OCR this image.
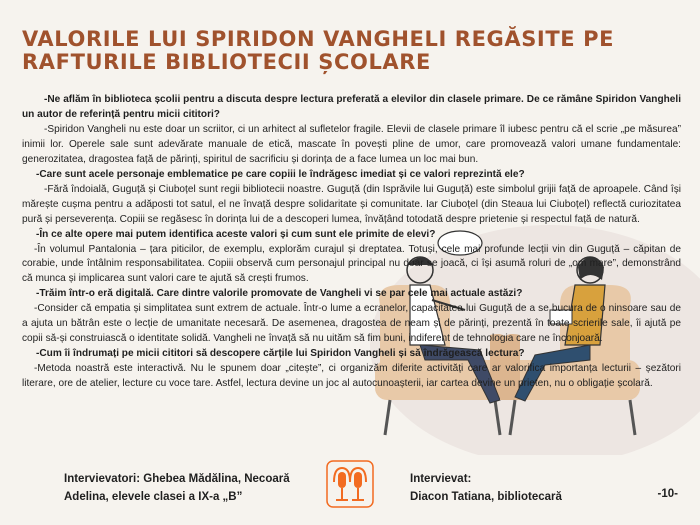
VALORILE LUI SPIRIDON VANGHELI REGĂSITE PE RAFTURILE BIBLIOTECII ȘCOLARE

-Ne aflăm în biblioteca școlii pentru a discuta despre lectura preferată a elevilor din clasele primare. De ce rămâne Spiridon Vangheli un autor de referință pentru micii cititori?

-Spiridon Vangheli nu este doar un scriitor, ci un arhitect al sufletelor fragile. Elevii de clasele primare îl iubesc pentru că el scrie „pe măsurea” inimii lor. Operele sale sunt adevărate manuale de etică, mascate în povești pline de umor, care promovează valori umane fundamentale: generozitatea, dragostea față de părinți, spiritul de sacrificiu și dorința de a face lumea un loc mai bun.

-Care sunt acele personaje emblematice pe care copiii le îndrăgesc imediat și ce valori reprezintă ele?

-Fără îndoială, Guguță și Ciuboțel sunt regii bibliotecii noastre. Guguță (din Isprăvile lui Guguță) este simbolul grijii față de aproapele. Când își mărește cușma pentru a adăposti tot satul, el ne învață despre solidaritate și comunitate. Iar Ciuboțel (din Steaua lui Ciuboțel) reflectă curiozitatea pură și perseverența. Copiii se regăsesc în dorința lui de a descoperi lumea, învățând totodată despre prietenie și respectul față de natură.

-În ce alte opere mai putem identifica aceste valori și cum sunt ele primite de elevi?

-În volumul Pantalonia – țara piticilor, de exemplu, explorăm curajul și dreptatea. Totuși, cele mai profunde lecții vin din Guguță – căpitan de corabie, unde întâlnim responsabilitatea. Copiii observă cum personajul principal nu doar se joacă, ci își asumă roluri de „om mare”, demonstrând că munca și implicarea sunt valori care te ajută să crești frumos.

-Trăim într-o eră digitală. Care dintre valorile promovate de Vangheli vi se par cele mai actuale astăzi?

-Consider că empatia și simplitatea sunt extrem de actuale. Într-o lume a ecranelor, capacitatea lui Guguță de a se bucura de o ninsoare sau de a ajuta un bătrân este o lecție de umanitate necesară. De asemenea, dragostea de neam și de părinți, prezentă în toate scrierile sale, îi ajută pe copii să-și construiască o identitate solidă. Vangheli ne învață să nu uităm să fim buni, indiferent de tehnologia care ne înconjoară.

-Cum îi îndrumați pe micii cititori să descopere cărțile lui Spiridon Vangheli și să îndrăgească lectura?

-Metoda noastră este interactivă. Nu le spunem doar „citește”, ci organizăm diferite activități care ar valorifica importanța lecturii – șezători literare, ore de atelier, lecture cu voce tare. Astfel, lectura devine un joc al autocunoașterii, iar cartea devine un prieten, nu o obligație școlară.

Intervievatori: Ghebea Mădălina, Necoară
Adelina, elevele clasei a IX-a „B”
Intervievat:
Diacon Tatiana, bibliotecară	-10-
